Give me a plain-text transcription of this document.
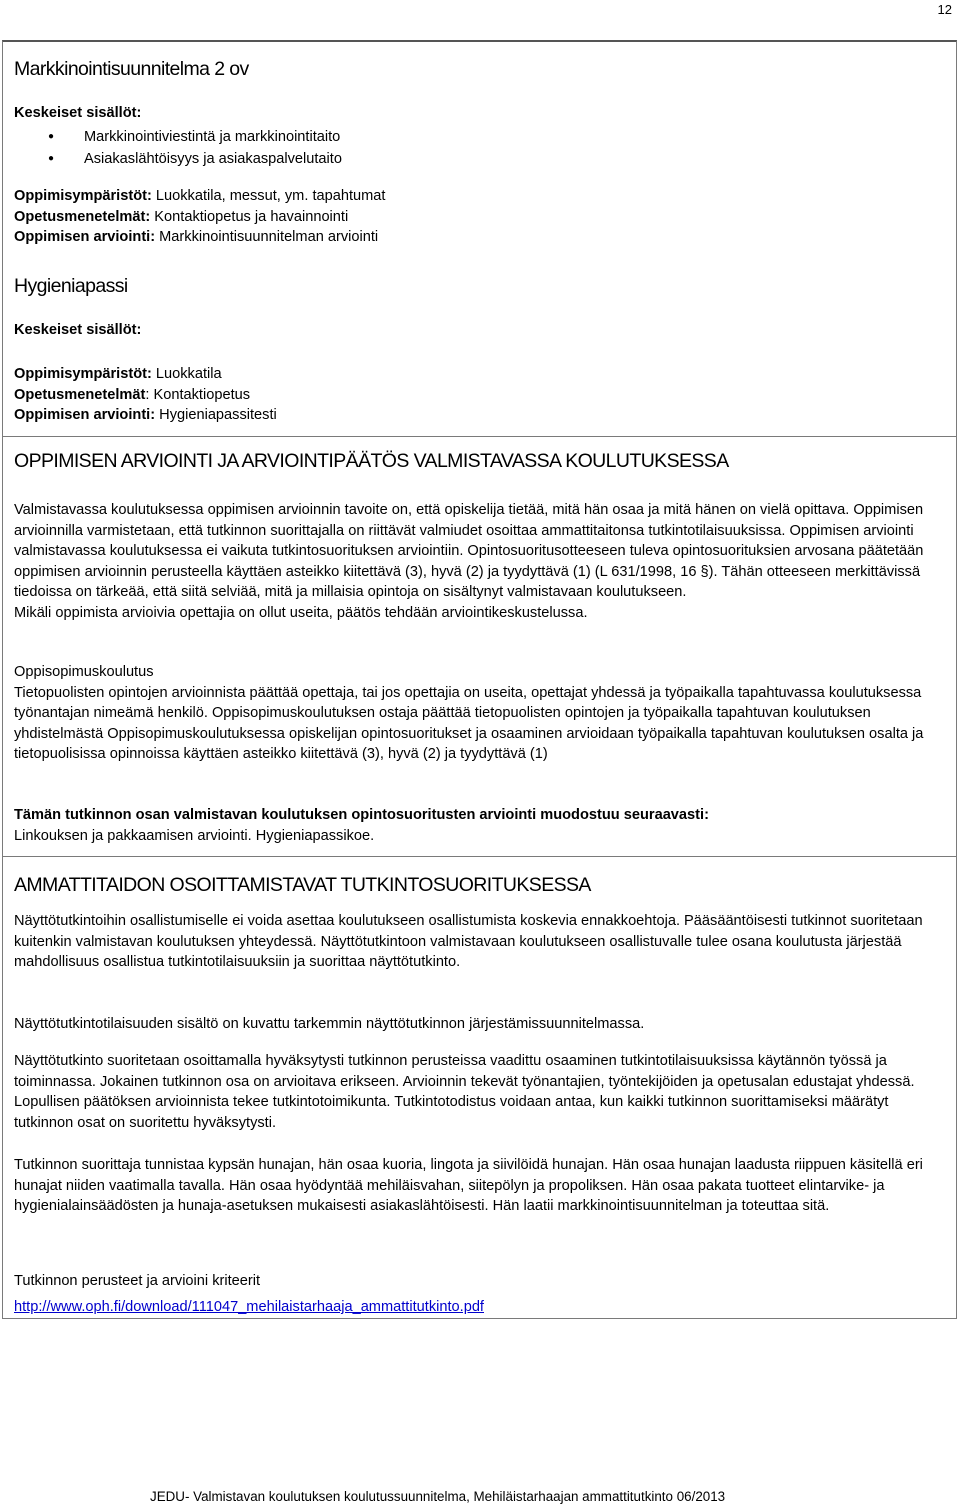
12
Markkinointisuunnitelma 2 ov
Keskeiset sisällöt:
● Markkinointiviestintä ja markkinointitaito
● Asiakaslähtöisyys ja asiakaspalvelutaito
Oppimisympäristöt: Luokkatila, messut, ym. tapahtumat
Opetusmenetelmät: Kontaktiopetus ja havainnointi
Oppimisen arviointi: Markkinointisuunnitelman arviointi
Hygieniapassi
Keskeiset sisällöt:
Oppimisympäristöt: Luokkatila
Opetusmenetelmät: Kontaktiopetus
Oppimisen arviointi: Hygieniapassitesti
OPPIMISEN ARVIOINTI JA ARVIOINTIPÄÄTÖS VALMISTAVASSA KOULUTUKSESSA

Valmistavassa koulutuksessa oppimisen arvioinnin tavoite on, että opiskelija tietää, mitä hän osaa ja mitä hänen on vielä opittava. Oppimisen arvioinnilla varmistetaan, että tutkinnon suorittajalla on riittävät valmiudet osoittaa ammattitaitonsa tutkintotilaisuuksissa. Oppimisen arviointi valmistavassa koulutuksessa ei vaikuta tutkintosuorituksen arviointiin. Opintosuoritusotteeseen tuleva opintosuorituksien arvosana päätetään oppimisen arvioinnin perusteella käyttäen asteikko kiitettävä (3), hyvä (2) ja tyydyttävä (1) (L 631/1998, 16 §). Tähän otteeseen merkittävissä tiedoissa on tärkeää, että siitä selviää, mitä ja millaisia opintoja on sisältynyt valmistavaan koulutukseen.

Mikäli oppimista arvioivia opettajia on ollut useita, päätös tehdään arviointikeskustelussa.

Oppisopimuskoulutus

Tietopuolisten opintojen arvioinnista päättää opettaja, tai jos opettajia on useita, opettajat yhdessä ja työpaikalla tapahtuvassa koulutuksessa työnantajan nimeämä henkilö. Oppisopimuskoulutuksen ostaja päättää tietopuolisten opintojen ja työpaikalla tapahtuvan koulutuksen yhdistelmästä Oppisopimuskoulutuksessa opiskelijan opintosuoritukset ja osaaminen arvioidaan työpaikalla tapahtuvan koulutuksen osalta ja tietopuolisissa opinnoissa käyttäen asteikko kiitettävä (3), hyvä (2) ja tyydyttävä (1)

Tämän tutkinnon osan valmistavan koulutuksen opintosuoritusten arviointi muodostuu seuraavasti:

Linkouksen ja pakkaamisen arviointi. Hygieniapassikoe.

AMMATTITAIDON OSOITTAMISTAVAT TUTKINTOSUORITUKSESSA
Näyttötutkintoihin osallistumiselle ei voida asettaa koulutukseen osallistumista koskevia ennakkoehtoja. Pääsääntöisesti tutkinnot suoritetaan kuitenkin valmistavan koulutuksen yhteydessä. Näyttötutkintoon valmistavaan koulutukseen osallistuvalle tulee osana koulutusta järjestää mahdollisuus osallistua tutkintotilaisuuksiin ja suorittaa näyttötutkinto.
Näyttötutkintotilaisuuden sisältö on kuvattu tarkemmin näyttötutkinnon järjestämissuunnitelmassa.
Näyttötutkinto suoritetaan osoittamalla hyväksytysti tutkinnon perusteissa vaadittu osaaminen tutkintotilaisuuksissa käytännön työssä ja toiminnassa. Jokainen tutkinnon osa on arvioitava erikseen. Arvioinnin tekevät työnantajien, työntekijöiden ja opetusalan edustajat yhdessä. Lopullisen päätöksen arvioinnista tekee tutkintotoimikunta. Tutkintotodistus voidaan antaa, kun kaikki tutkinnon suorittamiseksi määrätyt tutkinnon osat on suoritettu hyväksytysti.
Tutkinnon suorittaja tunnistaa kypsän hunajan, hän osaa kuoria, lingota ja siivilöidä hunajan. Hän osaa hunajan laadusta riippuen käsitellä eri hunajat niiden vaatimalla tavalla. Hän osaa hyödyntää mehiläisvahan, siitepölyn ja propoliksen. Hän osaa pakata tuotteet elintarvike- ja hygienialainsäädösten ja hunaja-asetuksen mukaisesti asiakaslähtöisesti. Hän laatii markkinointisuunnitelman ja toteuttaa sitä.
Tutkinnon perusteet ja arvioini kriteerit
http://www.oph.fi/download/111047_mehilaistarhaaja_ammattitutkinto.pdf
JEDU- Valmistavan koulutuksen koulutussuunnitelma, Mehiläistarhaajan ammattitutkinto 06/2013
